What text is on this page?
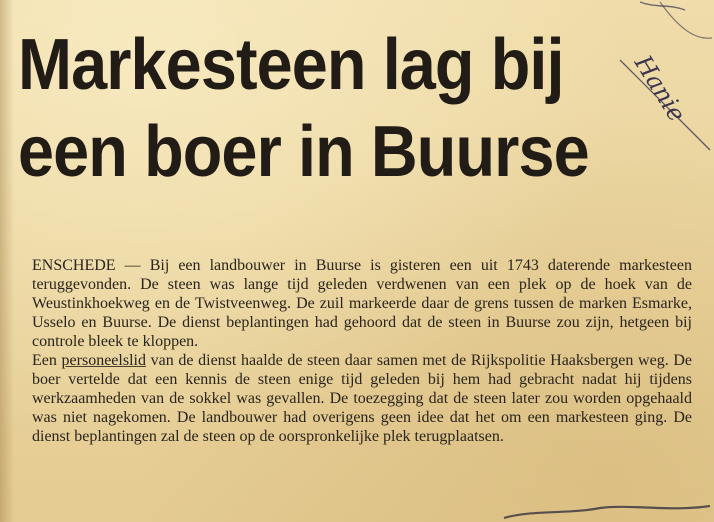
Markesteen lag bij
een boer in Buurse

ENSCHEDE — Bij een landbouwer in Buurse is gisteren een uit 1743 daterende markesteen teruggevonden. De steen was lange tijd geleden verdwenen van een plek op de hoek van de Weustinkhoekweg en de Twistveenweg. De zuil markeerde daar de grens tussen de marken Esmarke, Usselo en Buurse. De dienst beplantingen had gehoord dat de steen in Buurse zou zijn, hetgeen bij controle bleek te kloppen.

Een personeelslid van de dienst haalde de steen daar samen met de Rijkspolitie Haaksbergen weg. De boer vertelde dat een kennis de steen enige tijd geleden bij hem had gebracht nadat hij tijdens werkzaamheden van de sokkel was gevallen. De toezegging dat de steen later zou worden opgehaald was niet nagekomen. De landbouwer had overigens geen idee dat het om een markesteen ging. De dienst beplantingen zal de steen op de oorspronkelijke plek terugplaatsen.

Hanie
